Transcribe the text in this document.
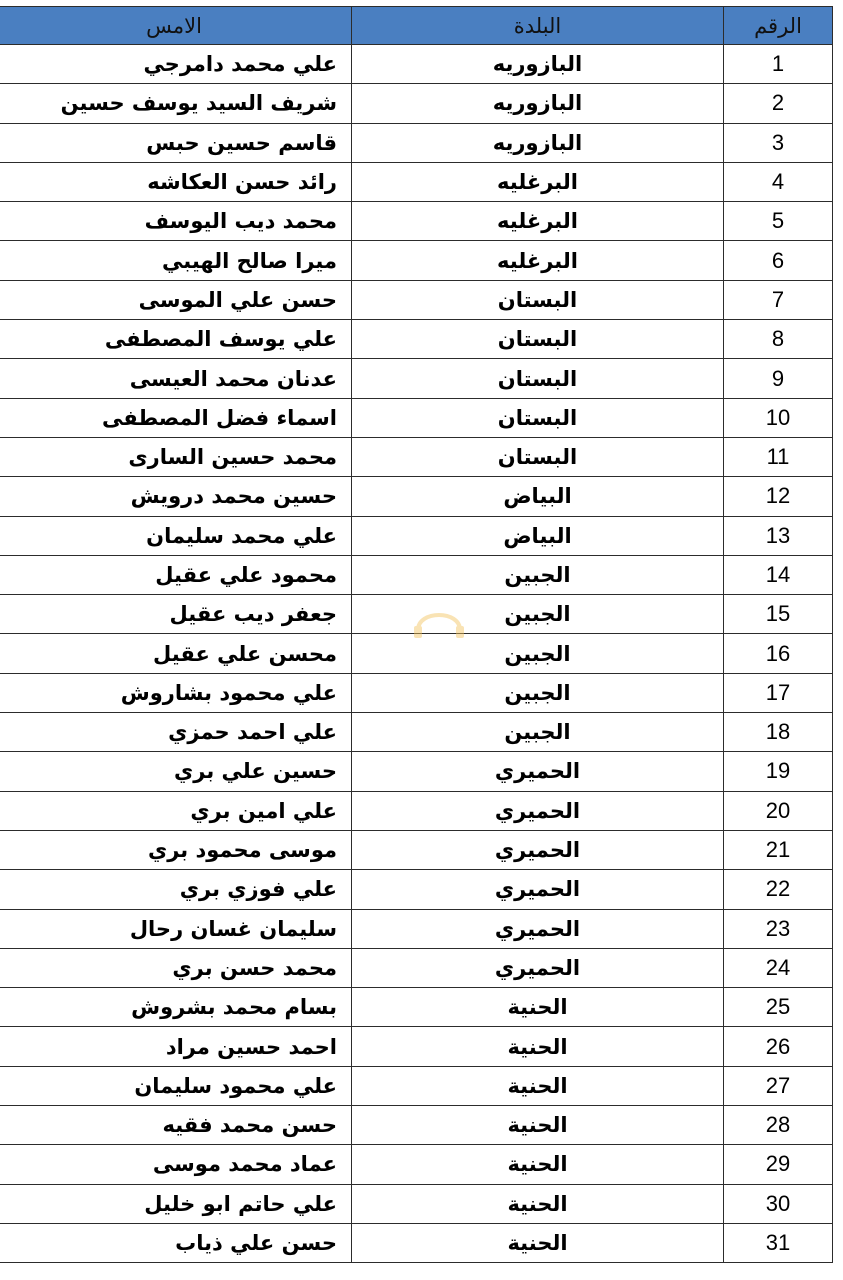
الرقم	البلدة	الامس
1	البازوريه	علي محمد دامرجي
2	البازوريه	شريف السيد يوسف حسين
3	البازوريه	قاسم حسين حبس
4	البرغليه	رائد حسن العكاشه
5	البرغليه	محمد ديب اليوسف
6	البرغليه	ميرا صالح الهيبي
7	البستان	حسن علي الموسى
8	البستان	علي يوسف المصطفى
9	البستان	عدنان محمد العيسى
10	البستان	اسماء فضل المصطفى
11	البستان	محمد حسين السارى
12	البياض	حسين محمد درويش
13	البياض	علي محمد سليمان
14	الجبين	محمود علي عقيل
15	الجبين	جعفر ديب عقيل
16	الجبين	محسن علي عقيل
17	الجبين	علي محمود بشاروش
18	الجبين	علي احمد حمزي
19	الحميري	حسين علي بري
20	الحميري	علي امين بري
21	الحميري	موسى محمود بري
22	الحميري	علي فوزي بري
23	الحميري	سليمان غسان رحال
24	الحميري	محمد حسن بري
25	الحنية	بسام محمد بشروش
26	الحنية	احمد حسين مراد
27	الحنية	علي محمود سليمان
28	الحنية	حسن محمد فقيه
29	الحنية	عماد محمد موسى
30	الحنية	علي حاتم ابو خليل
31	الحنية	حسن علي ذياب
